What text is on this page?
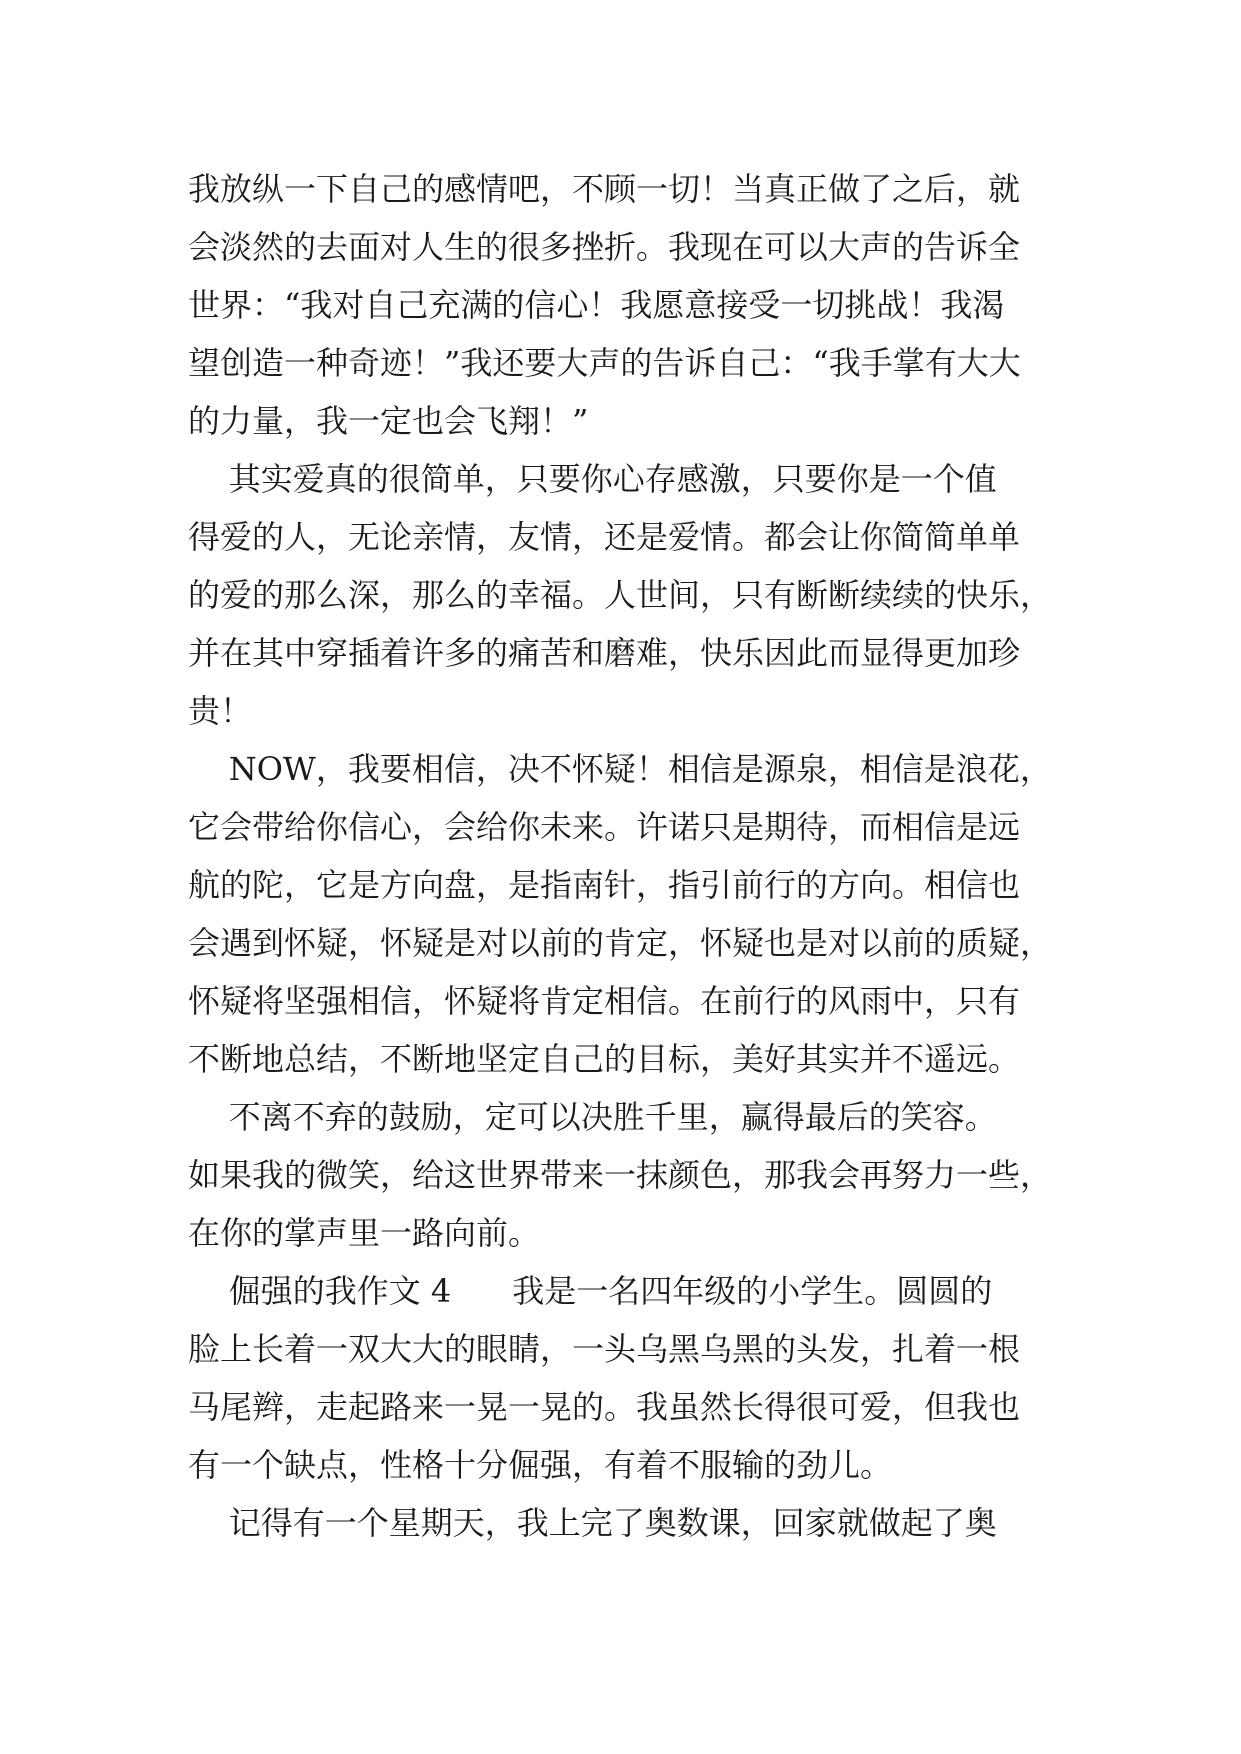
我放纵一下自己的感情吧，不顾一切！当真正做了之后，就
会淡然的去面对人生的很多挫折。我现在可以大声的告诉全
世界：“我对自己充满的信心！我愿意接受一切挑战！我渴
望创造一种奇迹！”我还要大声的告诉自己：“我手掌有大大
的力量，我一定也会飞翔！”
其实爱真的很简单，只要你心存感激，只要你是一个值
得爱的人，无论亲情，友情，还是爱情。都会让你简简单单
的爱的那么深，那么的幸福。人世间，只有断断续续的快乐，
并在其中穿插着许多的痛苦和磨难，快乐因此而显得更加珍
贵！
NOW，我要相信，决不怀疑！相信是源泉，相信是浪花，
它会带给你信心，会给你未来。许诺只是期待，而相信是远
航的陀，它是方向盘，是指南针，指引前行的方向。相信也
会遇到怀疑，怀疑是对以前的肯定，怀疑也是对以前的质疑，
怀疑将坚强相信，怀疑将肯定相信。在前行的风雨中，只有
不断地总结，不断地坚定自己的目标，美好其实并不遥远。
不离不弃的鼓励，定可以决胜千里，赢得最后的笑容。
如果我的微笑，给这世界带来一抹颜色，那我会再努力一些，
在你的掌声里一路向前。
倔强的我作文 4      我是一名四年级的小学生。圆圆的
脸上长着一双大大的眼睛，一头乌黑乌黑的头发，扎着一根
马尾辫，走起路来一晃一晃的。我虽然长得很可爱，但我也
有一个缺点，性格十分倔强，有着不服输的劲儿。
记得有一个星期天，我上完了奥数课，回家就做起了奥
